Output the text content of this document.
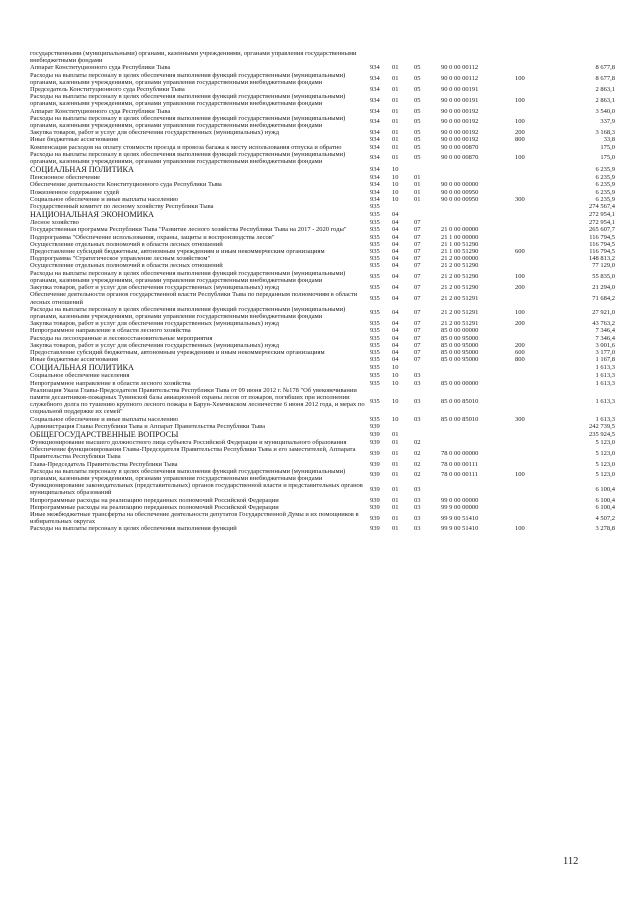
государственными (муниципальными) органами, казенными учреждениями, органами управления государственными внебюджетными фондами						
Аппарат Конституционного суда Республики Тыва	934	01	05	90 0 00 00112		8 677,8
Расходы на выплаты персоналу в целях обеспечения выполнения функций государственными (муниципальными) органами, казенными учреждениями, органами управления государственными внебюджетными фондами	934	01	05	90 0 00 00112	100	8 677,8
Председатель Конституционного суда Республики Тыва	934	01	05	90 0 00 00191		2 863,1
Расходы на выплаты персоналу в целях обеспечения выполнения функций государственными (муниципальными) органами, казенными учреждениями, органами управления государственными внебюджетными фондами	934	01	05	90 0 00 00191	100	2 863,1
Аппарат Конституционного суда Республики Тыва	934	01	05	90 0 00 00192		3 540,0
Расходы на выплаты персоналу в целях обеспечения выполнения функций государственными (муниципальными) органами, казенными учреждениями, органами управления государственными внебюджетными фондами	934	01	05	90 0 00 00192	100	337,9
Закупка товаров, работ и услуг для обеспечения государственных (муниципальных) нужд	934	01	05	90 0 00 00192	200	3 168,3
Иные бюджетные ассигнования	934	01	05	90 0 00 00192	800	33,8
Компенсация расходов на оплату стоимости проезда и провоза багажа к месту использования отпуска и обратно	934	01	05	90 0 00 00870		175,0
Расходы на выплаты персоналу в целях обеспечения выполнения функций государственными (муниципальными) органами, казенными учреждениями, органами управления государственными внебюджетными фондами	934	01	05	90 0 00 00870	100	175,0
СОЦИАЛЬНАЯ ПОЛИТИКА	934	10				6 235,9
Пенсионное обеспечение	934	10	01			6 235,9
Обеспечение деятельности Конституционного суда Республики Тыва	934	10	01	90 0 00 00000		6 235,9
Пожизненное содержание судей	934	10	01	90 0 00 00950		6 235,9
Социальное обеспечение и иные выплаты населению	934	10	01	90 0 00 00950	300	6 235,9
Государственный комитет по лесному хозяйству Республики Тыва	935					274 567,4
НАЦИОНАЛЬНАЯ ЭКОНОМИКА	935	04				272 954,1
Лесное хозяйство	935	04	07			272 954,1
Государственная программа Республики Тыва "Развитие лесного хозяйства Республики Тыва на 2017 - 2020 годы"	935	04	07	21 0 00 00000		265 607,7
Подпрограмма "Обеспечение использования, охраны, защиты и воспроизводства лесов"	935	04	07	21 1 00 00000		116 794,5
Осуществление отдельных полномочий в области лесных отношений	935	04	07	21 1 00 51290		116 794,5
Предоставление субсидий бюджетным, автономным учреждениям и иным некоммерческим организациям	935	04	07	21 1 00 51290	600	116 794,5
Подпрограмма "Стратегическое управление лесным хозяйством"	935	04	07	21 2 00 00000		148 813,2
Осуществление отдельных полномочий в области лесных отношений	935	04	07	21 2 00 51290		77 129,0
Расходы на выплаты персоналу в целях обеспечения выполнения функций государственными (муниципальными) органами, казенными учреждениями, органами управления государственными внебюджетными фондами	935	04	07	21 2 00 51290	100	55 835,0
Закупка товаров, работ и услуг для обеспечения государственных (муниципальных) нужд	935	04	07	21 2 00 51290	200	21 294,0
Обеспечение деятельности органов государственной власти Республики Тыва по переданным полномочиям в области лесных отношений	935	04	07	21 2 00 51291		71 684,2
Расходы на выплаты персоналу в целях обеспечения выполнения функций государственными (муниципальными) органами, казенными учреждениями, органами управления государственными внебюджетными фондами	935	04	07	21 2 00 51291	100	27 921,0
Закупка товаров, работ и услуг для обеспечения государственных (муниципальных) нужд	935	04	07	21 2 00 51291	200	43 763,2
Непрограммное направление в области лесного хозяйства	935	04	07	85 0 00 00000		7 346,4
Расходы на лесоохранные и лесовосстановительные мероприятия	935	04	07	85 0 00 95000		7 346,4
Закупка товаров, работ и услуг для обеспечения государственных (муниципальных) нужд	935	04	07	85 0 00 95000	200	3 001,6
Предоставление субсидий бюджетным, автономным учреждениям и иным некоммерческим организациям	935	04	07	85 0 00 95000	600	3 177,0
Иные бюджетные ассигнования	935	04	07	85 0 00 95000	800	1 167,8
СОЦИАЛЬНАЯ ПОЛИТИКА	935	10				1 613,3
Социальное обеспечение населения	935	10	03			1 613,3
Непрограммное направление в области лесного хозяйства	935	10	03	85 0 00 00000		1 613,3
Реализация Указа Главы-Председателя Правительства Республики Тыва от 09 июня 2012 г. №178 "Об увековечивании памяти десантников-пожарных Тувинской базы авиационной охраны лесов от пожаров, погибших при исполнении служебного долга по тушению крупного лесного пожара в Барун-Хемчикском лесничестве 6 июня 2012 года, и мерах по социальной поддержке их семей"	935	10	03	85 0 00 85010		1 613,3
Социальное обеспечение и иные выплаты населению	935	10	03	85 0 00 85010	300	1 613,3
Администрация Главы Республики Тыва и Аппарат Правительства Республики Тыва	939					242 739,5
ОБЩЕГОСУДАРСТВЕННЫЕ ВОПРОСЫ	939	01				235 924,5
Функционирование высшего должностного лица субъекта Российской Федерации и муниципального образования	939	01	02			5 123,0
Обеспечение функционирования Главы-Председателя Правительства Республики Тыва и его заместителей, Аппарата Правительства Республики Тыва	939	01	02	78 0 00 00000		5 123,0
Глава-Председатель Правительства Республики Тыва	939	01	02	78 0 00 00111		5 123,0
Расходы на выплаты персоналу в целях обеспечения выполнения функций государственными (муниципальными) органами, казенными учреждениями, органами управления государственными внебюджетными фондами	939	01	02	78 0 00 00111	100	5 123,0
Функционирование законодательных (представительных) органов государственной власти и представительных органов муниципальных образований	939	01	03			6 100,4
Непрограммные расходы на реализацию переданных полномочий Российской Федерации	939	01	03	99 0 00 00000		6 100,4
Непрограммные расходы на реализацию переданных полномочий Российской Федерации	939	01	03	99 9 00 00000		6 100,4
Иные межбюджетные трансферты на обеспечение деятельности депутатов Государственной Думы и их помощников в избирательных округах	939	01	03	99 9 00 51410		4 507,2
Расходы на выплаты персоналу в целях обеспечения выполнения функций	939	01	03	99 9 00 51410	100	3 278,8
112
